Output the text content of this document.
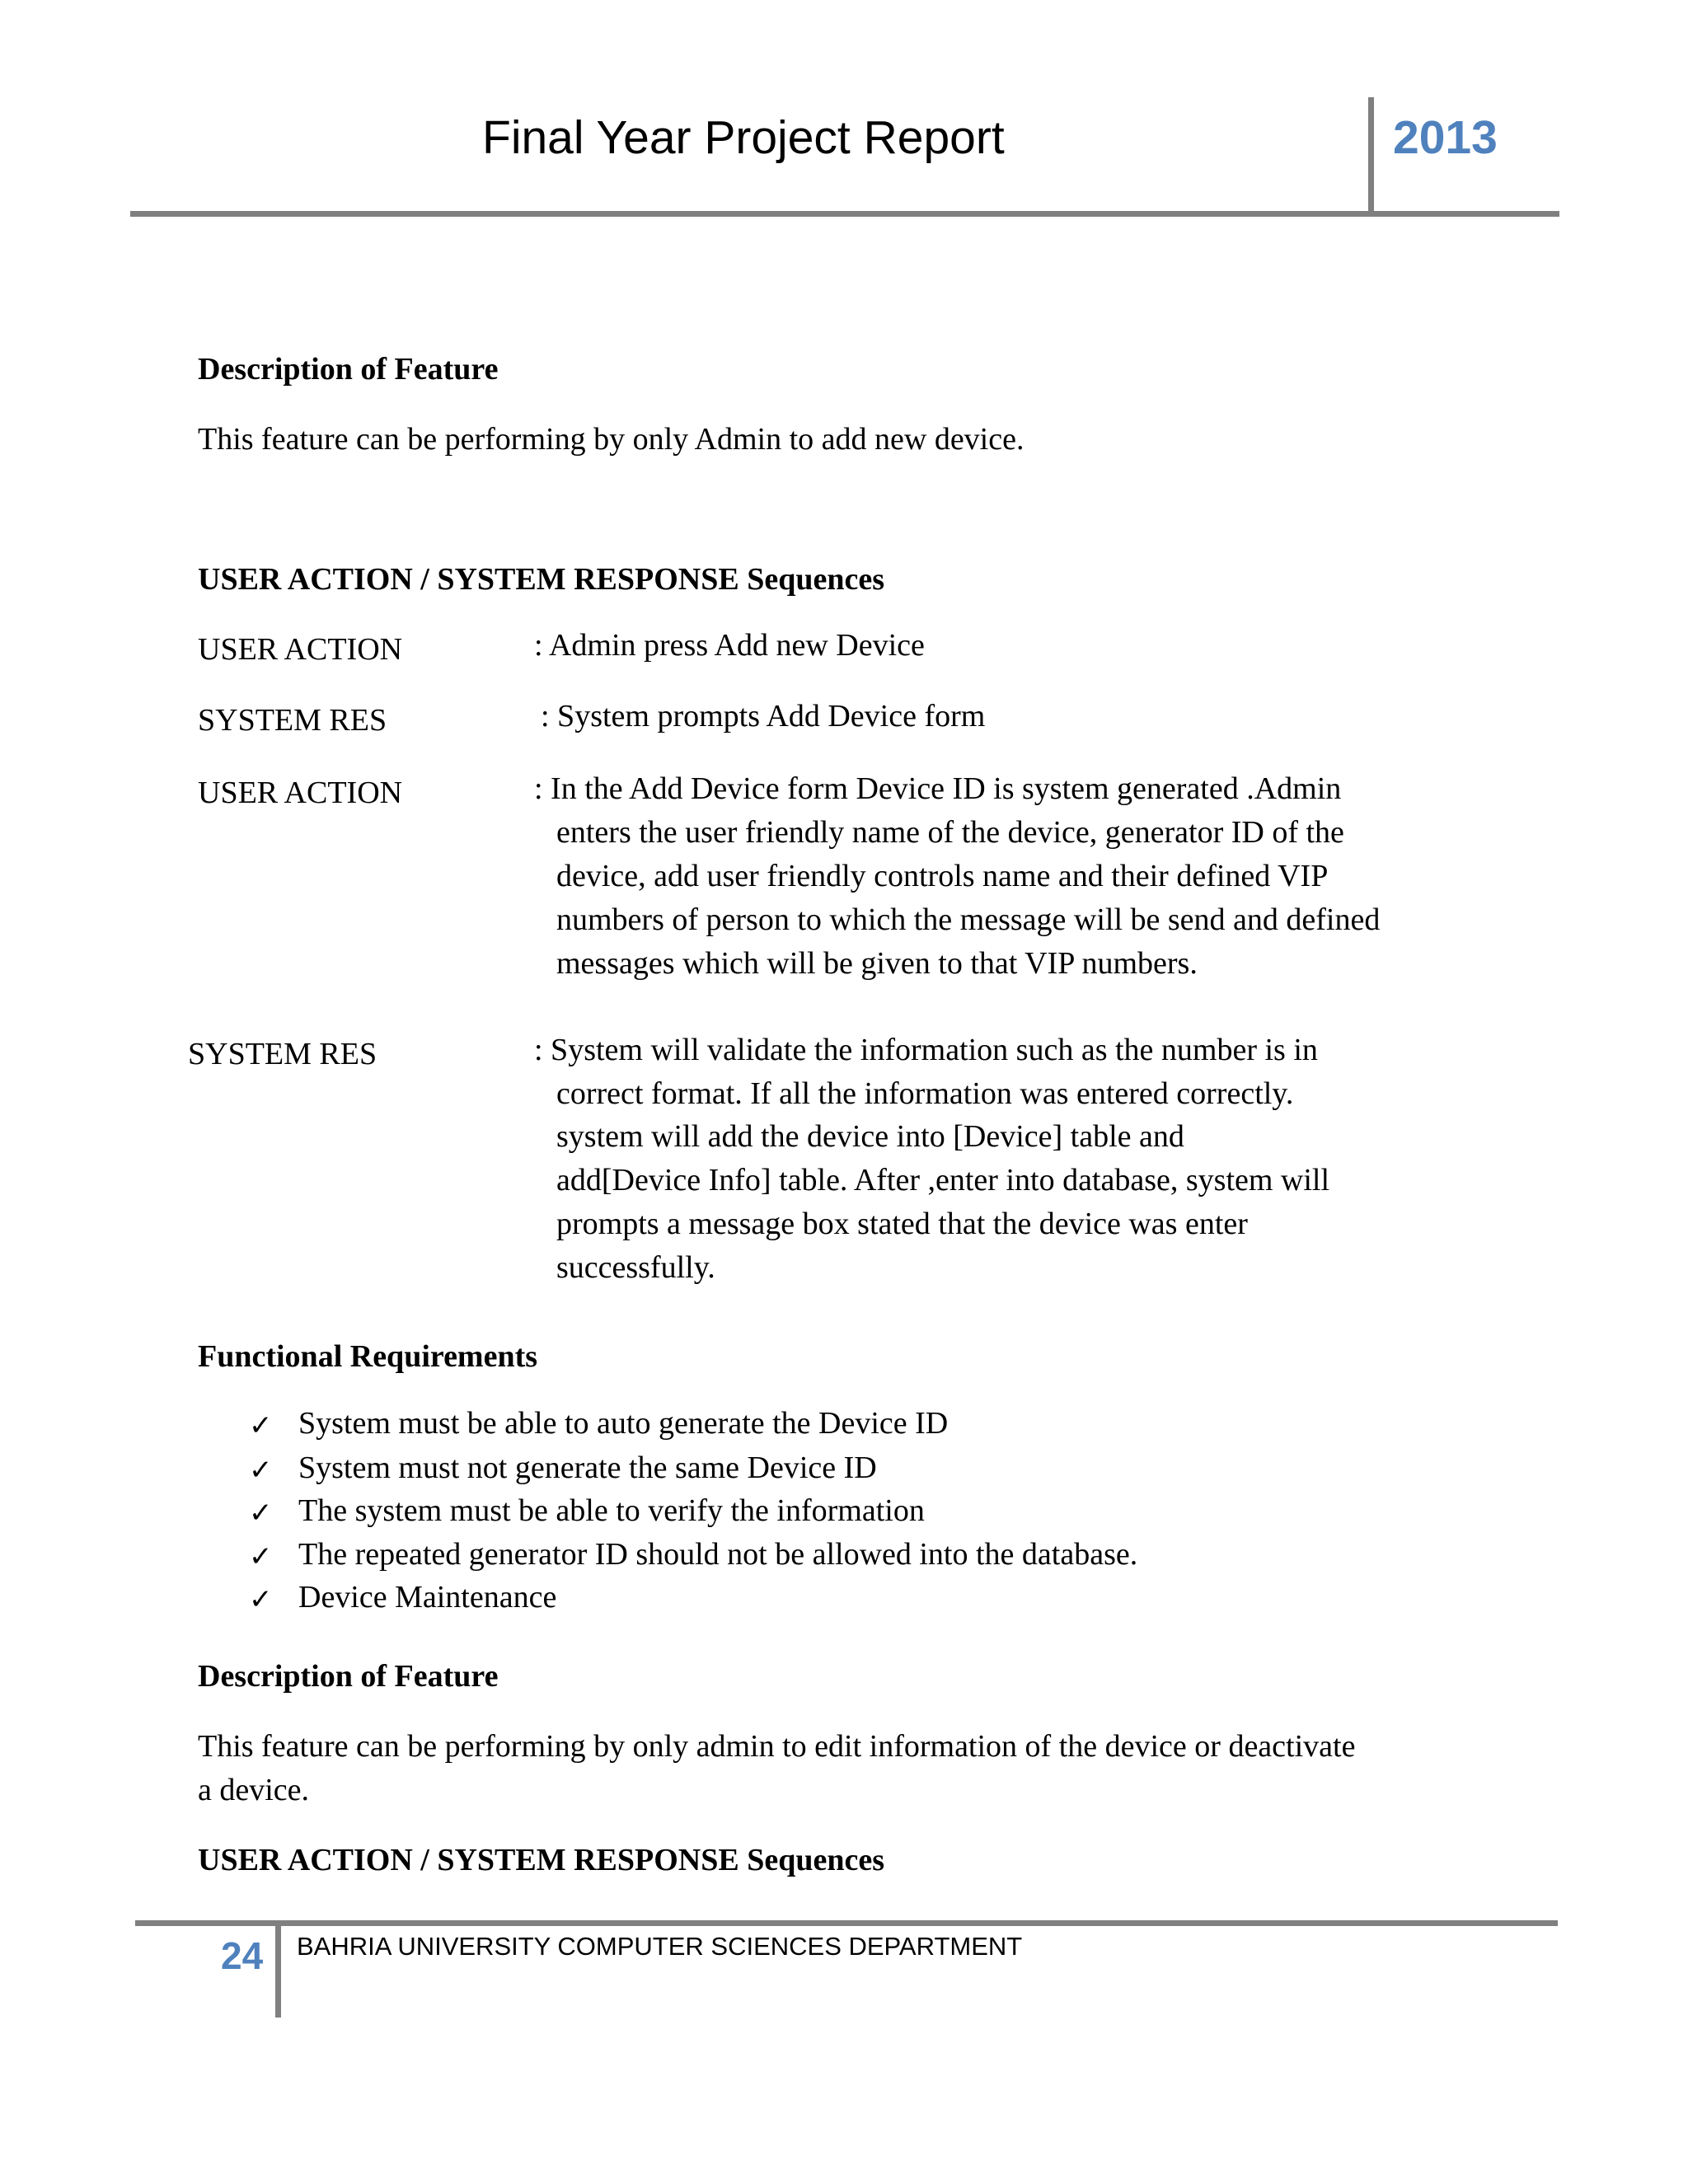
Final Year Project Report	2013
Description of Feature
This feature can be performing by only Admin to add new device.
USER ACTION / SYSTEM RESPONSE Sequences
USER ACTION	: Admin press Add new Device
SYSTEM RES	: System prompts Add Device form
USER ACTION	: In the Add Device form Device ID is system generated .Admin
enters the user friendly name of the device, generator ID of the
device, add user friendly controls name and their defined VIP
numbers of person to which the message will be send and defined
messages which will be given to that VIP numbers.
SYSTEM RES	: System will validate the information such as the number is in
correct format. If all the information was entered correctly.
system will add the device into [Device] table and
add[Device Info] table. After ,enter into database, system will
prompts a message box stated that the device was enter
successfully.
Functional Requirements
✓ System must be able to auto generate the Device ID
✓ System must not generate the same Device ID
✓ The system must be able to verify the information
✓ The repeated generator ID should not be allowed into the database.
✓ Device Maintenance
Description of Feature
This feature can be performing by only admin to edit information of the device or deactivate
a device.
USER ACTION / SYSTEM RESPONSE Sequences
24 BAHRIA UNIVERSITY COMPUTER SCIENCES DEPARTMENT
